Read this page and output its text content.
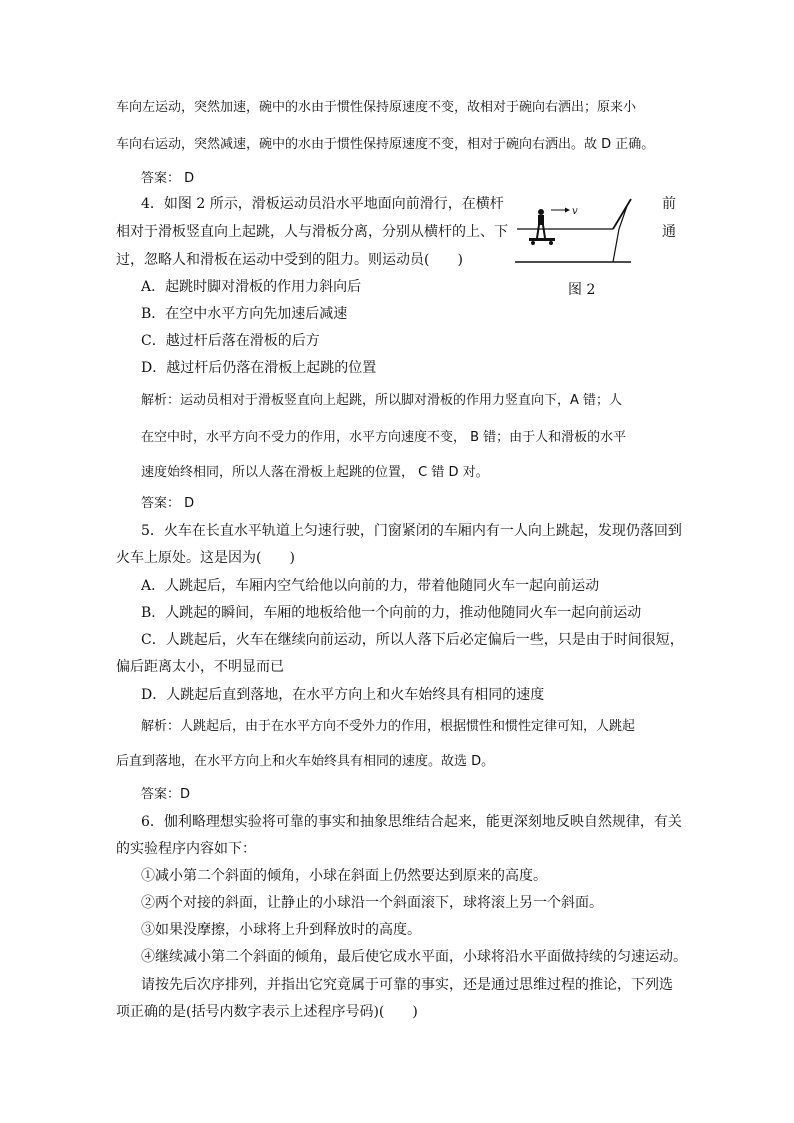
车向左运动，突然加速，碗中的水由于惯性保持原速度不变，故相对于碗向右洒出；原来小
车向右运动，突然减速，碗中的水由于惯性保持原速度不变，相对于碗向右洒出。故 D 正确。
答案： D
4．如图 2 所示，滑板运动员沿水平地面向前滑行，在横杆	前
相对于滑板竖直向上起跳，人与滑板分离，分别从横杆的上、下	通
过，忽略人和滑板在运动中受到的阻力。则运动员(　　)
A．起跳时脚对滑板的作用力斜向后
B．在空中水平方向先加速后减速
C．越过杆后落在滑板的后方
D．越过杆后仍落在滑板上起跳的位置
v
图 2
解析：运动员相对于滑板竖直向上起跳，所以脚对滑板的作用力竖直向下，A 错；人
在空中时，水平方向不受力的作用，水平方向速度不变， B 错；由于人和滑板的水平
速度始终相同，所以人落在滑板上起跳的位置， C 错 D 对。
答案： D
5．火车在长直水平轨道上匀速行驶，门窗紧闭的车厢内有一人向上跳起，发现仍落回到
火车上原处。这是因为(　　)
A．人跳起后，车厢内空气给他以向前的力，带着他随同火车一起向前运动
B．人跳起的瞬间，车厢的地板给他一个向前的力，推动他随同火车一起向前运动
C．人跳起后，火车在继续向前运动，所以人落下后必定偏后一些，只是由于时间很短，
偏后距离太小，不明显而已
D．人跳起后直到落地，在水平方向上和火车始终具有相同的速度
解析：人跳起后，由于在水平方向不受外力的作用，根据惯性和惯性定律可知，人跳起
后直到落地，在水平方向上和火车始终具有相同的速度。故选 D。
答案：D
6．伽利略理想实验将可靠的事实和抽象思维结合起来，能更深刻地反映自然规律，有关
的实验程序内容如下：
①减小第二个斜面的倾角，小球在斜面上仍然要达到原来的高度。
②两个对接的斜面，让静止的小球沿一个斜面滚下，球将滚上另一个斜面。
③如果没摩擦，小球将上升到释放时的高度。
④继续减小第二个斜面的倾角，最后使它成水平面，小球将沿水平面做持续的匀速运动。
请按先后次序排列，并指出它究竟属于可靠的事实，还是通过思维过程的推论，下列选
项正确的是(括号内数字表示上述程序号码)(　　)
